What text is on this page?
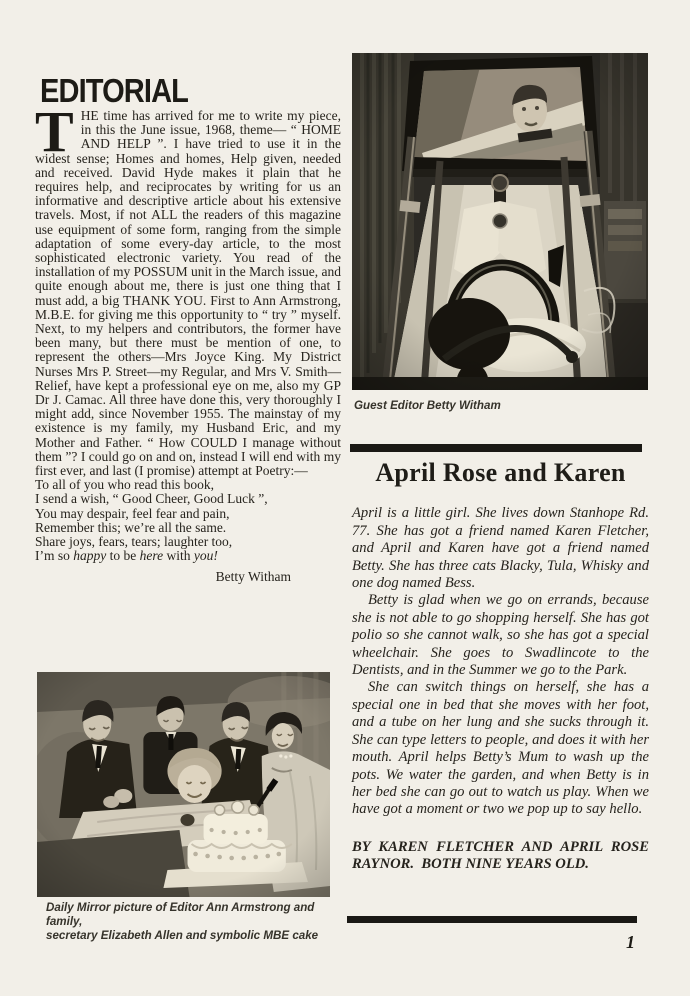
EDITORIAL
THE time has arrived for me to write my piece, in this the June issue, 1968, theme— “ HOME AND HELP ”. I have tried to use it in the widest sense; Homes and homes, Help given, needed and received. David Hyde makes it plain that he requires help, and reciprocates by writing for us an informative and descriptive article about his extensive travels. Most, if not ALL the readers of this magazine use equipment of some form, ranging from the simple adaptation of some every-day article, to the most sophisticated electronic variety. You read of the installation of my POSSUM unit in the March issue, and quite enough about me, there is just one thing that I must add, a big THANK YOU. First to Ann Armstrong, M.B.E. for giving me this opportunity to “ try ” myself. Next, to my helpers and contributors, the former have been many, but there must be mention of one, to represent the others—Mrs Joyce King. My District Nurses Mrs P. Street—my Regular, and Mrs V. Smith—Relief, have kept a professional eye on me, also my GP Dr J. Camac. All three have done this, very thoroughly I might add, since November 1955. The mainstay of my existence is my family, my Husband Eric, and my Mother and Father. “ How COULD I manage without them ”? I could go on and on, instead I will end with my first ever, and last (I promise) attempt at Poetry:—
To all of you who read this book,
I send a wish, “ Good Cheer, Good Luck ”,
You may despair, feel fear and pain,
Remember this; we’re all the same.
Share joys, fears, tears; laughter too,
I’m so happy to be here with you!
Betty Witham
Guest Editor Betty Witham
April Rose and Karen

April is a little girl. She lives down Stanhope Rd. 77. She has got a friend named Karen Fletcher, and April and Karen have got a friend named Betty. She has three cats Blacky, Tula, Whisky and one dog named Bess.

Betty is glad when we go on errands, because she is not able to go shopping herself. She has got polio so she cannot walk, so she has got a special wheelchair. She goes to Swadlincote to the Dentists, and in the Summer we go to the Park.

She can switch things on herself, she has a special one in bed that she moves with her foot, and a tube on her lung and she sucks through it. She can type letters to people, and does it with her mouth. April helps Betty’s Mum to wash up the pots. We water the garden, and when Betty is in her bed she can go out to watch us play. When we have got a moment or two we pop up to say hello.

BY KAREN FLETCHER AND APRIL ROSE
RAYNOR.  BOTH NINE YEARS OLD.
Daily Mirror picture of Editor Ann Armstrong and family,
secretary Elizabeth Allen and symbolic MBE cake	1
